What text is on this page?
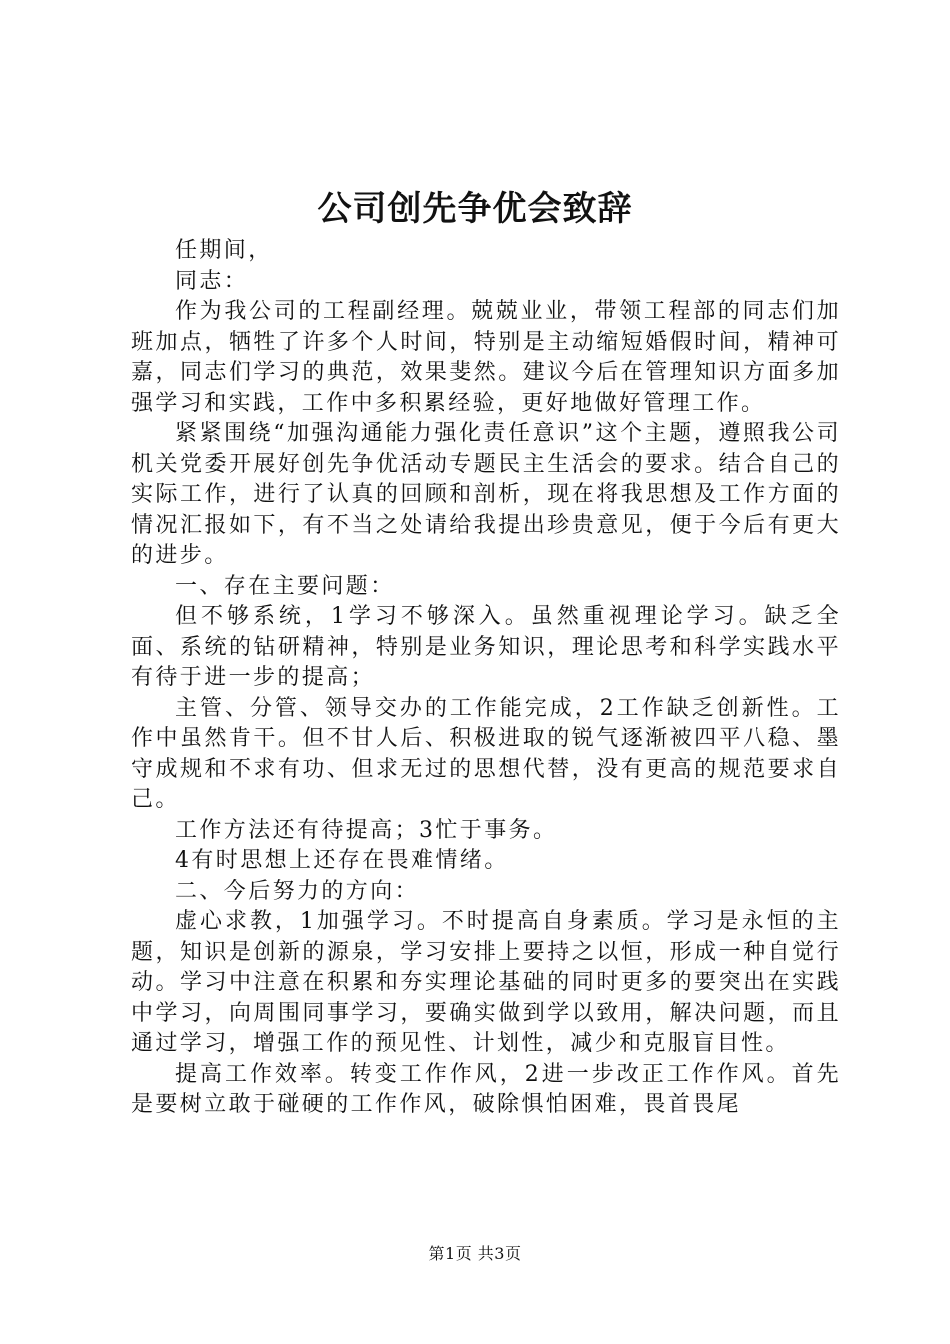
公司创先争优会致辞

任期间，

同志：

作为我公司的工程副经理。兢兢业业，带领工程部的同志们加班加点，牺牲了许多个人时间，特别是主动缩短婚假时间，精神可嘉，同志们学习的典范，效果斐然。建议今后在管理知识方面多加强学习和实践，工作中多积累经验，更好地做好管理工作。

紧紧围绕“加强沟通能力强化责任意识”这个主题，遵照我公司机关党委开展好创先争优活动专题民主生活会的要求。结合自己的实际工作，进行了认真的回顾和剖析，现在将我思想及工作方面的情况汇报如下，有不当之处请给我提出珍贵意见，便于今后有更大的进步。

一、存在主要问题：

但不够系统，1学习不够深入。虽然重视理论学习。缺乏全面、系统的钻研精神，特别是业务知识，理论思考和科学实践水平有待于进一步的提高；

主管、分管、领导交办的工作能完成，2工作缺乏创新性。工作中虽然肯干。但不甘人后、积极进取的锐气逐渐被四平八稳、墨守成规和不求有功、但求无过的思想代替，没有更高的规范要求自己。

工作方法还有待提高；3忙于事务。

4有时思想上还存在畏难情绪。

二、今后努力的方向：

虚心求教，1加强学习。不时提高自身素质。学习是永恒的主题，知识是创新的源泉，学习安排上要持之以恒，形成一种自觉行动。学习中注意在积累和夯实理论基础的同时更多的要突出在实践中学习，向周围同事学习，要确实做到学以致用，解决问题，而且通过学习，增强工作的预见性、计划性，减少和克服盲目性。

提高工作效率。转变工作作风，2进一步改正工作作风。首先是要树立敢于碰硬的工作作风，破除惧怕困难，畏首畏尾

第1页 共3页
